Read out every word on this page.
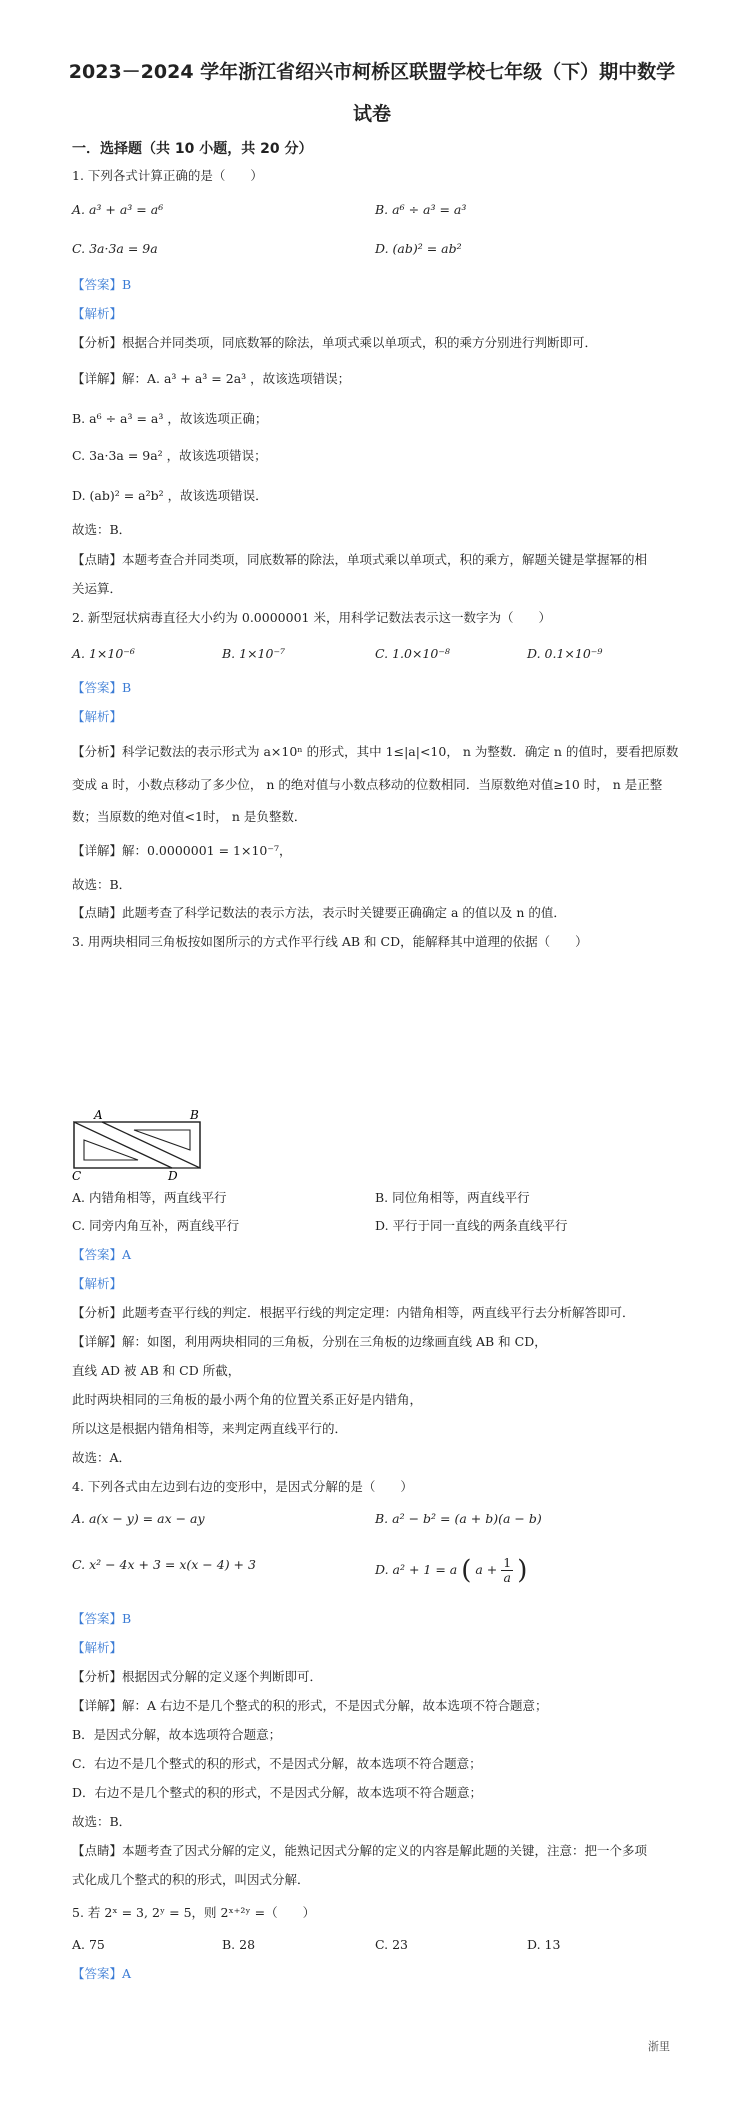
2023－2024 学年浙江省绍兴市柯桥区联盟学校七年级（下）期中数学
试卷
一．选择题（共 10 小题，共 20 分）
1. 下列各式计算正确的是（　　）
A. a³ + a³ = a⁶	B. a⁶ ÷ a³ = a³
C. 3a·3a = 9a	D. (ab)² = ab²
【答案】B
【解析】
【分析】根据合并同类项，同底数幂的除法，单项式乘以单项式，积的乘方分别进行判断即可．
【详解】解：A. a³ + a³ = 2a³ ，故该选项错误；
B. a⁶ ÷ a³ = a³ ，故该选项正确；
C. 3a·3a = 9a² ，故该选项错误；
D. (ab)² = a²b² ，故该选项错误．
故选：B．
【点睛】本题考查合并同类项，同底数幂的除法，单项式乘以单项式，积的乘方，解题关键是掌握幂的相
关运算．
2. 新型冠状病毒直径大小约为 0.0000001 米，用科学记数法表示这一数字为（　　）
A. 1×10⁻⁶	B. 1×10⁻⁷	C. 1.0×10⁻⁸	D. 0.1×10⁻⁹
【答案】B
【解析】
【分析】科学记数法的表示形式为 a×10ⁿ 的形式，其中 1≤|a|<10， n 为整数．确定 n 的值时，要看把原数
变成 a 时，小数点移动了多少位， n 的绝对值与小数点移动的位数相同．当原数绝对值≥10 时， n 是正整
数；当原数的绝对值<1时， n 是负整数．
【详解】解：0.0000001 = 1×10⁻⁷，
故选：B．
【点睛】此题考查了科学记数法的表示方法，表示时关键要正确确定 a 的值以及 n 的值．
3. 用两块相同三角板按如图所示的方式作平行线 AB 和 CD，能解释其中道理的依据（　　）
A	B
C	D
A. 内错角相等，两直线平行	B. 同位角相等，两直线平行
C. 同旁内角互补，两直线平行	D. 平行于同一直线的两条直线平行
【答案】A
【解析】
【分析】此题考查平行线的判定．根据平行线的判定定理：内错角相等，两直线平行去分析解答即可．
【详解】解：如图，利用两块相同的三角板，分别在三角板的边缘画直线 AB 和 CD，
直线 AD 被 AB 和 CD 所截，
此时两块相同的三角板的最小两个角的位置关系正好是内错角，
所以这是根据内错角相等，来判定两直线平行的．
故选：A．
4. 下列各式由左边到右边的变形中，是因式分解的是（　　）
A. a(x − y) = ax − ay	B. a² − b² = (a + b)(a − b)
C. x² − 4x + 3 = x(x − 4) + 3	D. a² + 1 = a ( $a + \frac{1}{a}$ )
【答案】B
【解析】
【分析】根据因式分解的定义逐个判断即可．
【详解】解：A 右边不是几个整式的积的形式，不是因式分解，故本选项不符合题意；
B．是因式分解，故本选项符合题意；
C．右边不是几个整式的积的形式，不是因式分解，故本选项不符合题意；
D．右边不是几个整式的积的形式，不是因式分解，故本选项不符合题意；
故选：B．
【点睛】本题考查了因式分解的定义，能熟记因式分解的定义的内容是解此题的关键，注意：把一个多项
式化成几个整式的积的形式，叫因式分解．
5. 若 2ˣ = 3, 2ʸ = 5，则 2ˣ⁺²ʸ =（　　）
A. 75	B. 28	C. 23	D. 13
【答案】A
浙里
